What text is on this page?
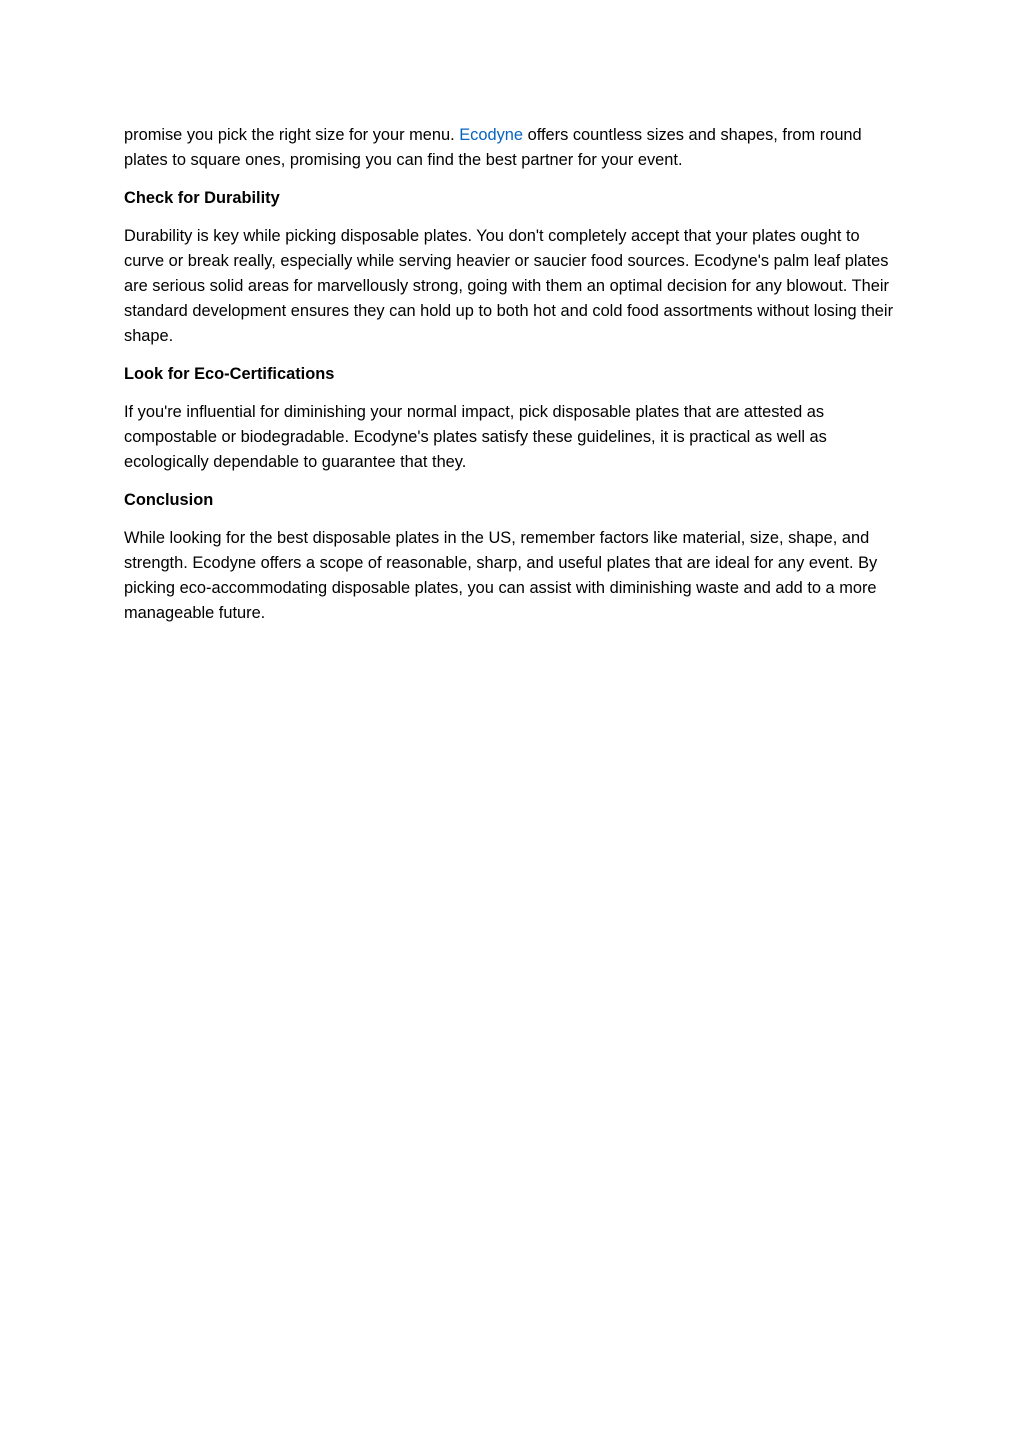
promise you pick the right size for your menu. Ecodyne offers countless sizes and shapes, from round plates to square ones, promising you can find the best partner for your event.

Check for Durability

Durability is key while picking disposable plates. You don't completely accept that your plates ought to curve or break really, especially while serving heavier or saucier food sources. Ecodyne's palm leaf plates are serious solid areas for marvellously strong, going with them an optimal decision for any blowout. Their standard development ensures they can hold up to both hot and cold food assortments without losing their shape.

Look for Eco-Certifications

If you're influential for diminishing your normal impact, pick disposable plates that are attested as compostable or biodegradable. Ecodyne's plates satisfy these guidelines, it is practical as well as ecologically dependable to guarantee that they.

Conclusion

While looking for the best disposable plates in the US, remember factors like material, size, shape, and strength. Ecodyne offers a scope of reasonable, sharp, and useful plates that are ideal for any event. By picking eco-accommodating disposable plates, you can assist with diminishing waste and add to a more manageable future.
